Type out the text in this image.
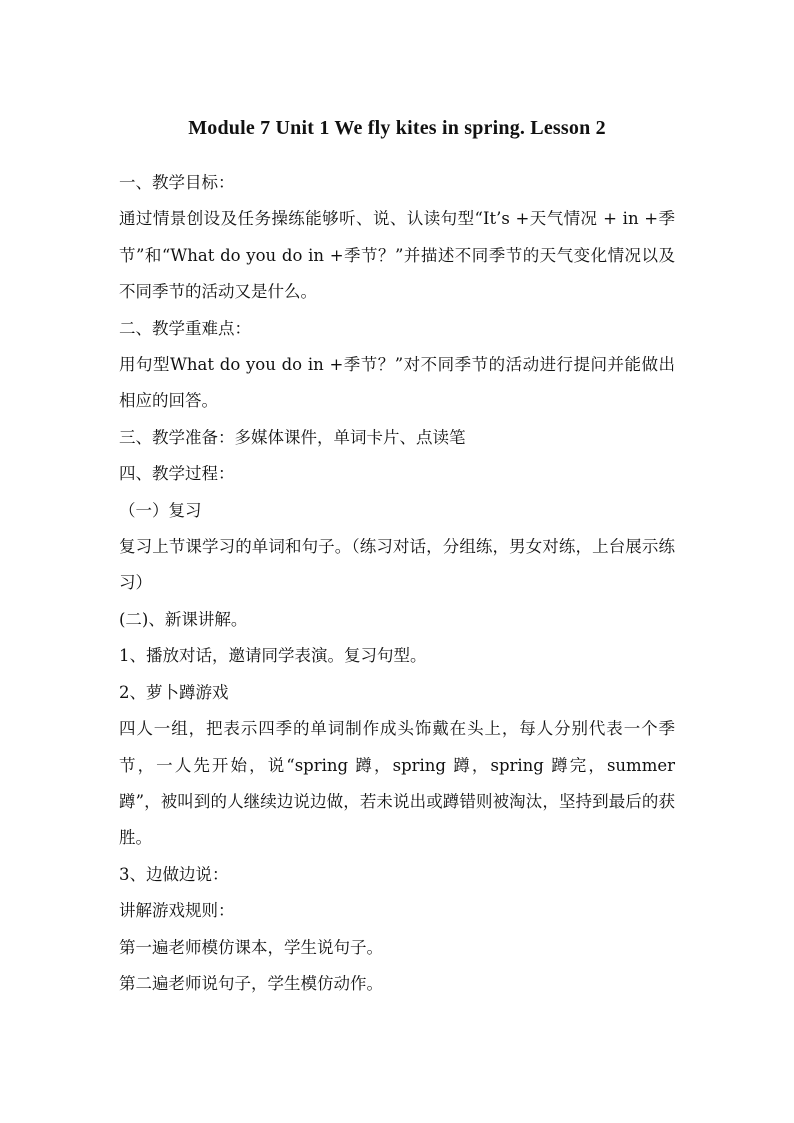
Module 7 Unit 1 We fly kites in spring. Lesson 2

一、教学目标：

通过情景创设及任务操练能够听、说、认读句型“It’s +天气情况 + in +季节”和“What do you do in +季节？”并描述不同季节的天气变化情况以及不同季节的活动又是什么。

二、教学重难点：

用句型What do you do in +季节？”对不同季节的活动进行提问并能做出相应的回答。

三、教学准备：多媒体课件，单词卡片、点读笔

四、教学过程：

（一）复习

复习上节课学习的单词和句子。（练习对话，分组练，男女对练，上台展示练习）

(二)、新课讲解。

1、播放对话，邀请同学表演。复习句型。

2、萝卜蹲游戏

四人一组，把表示四季的单词制作成头饰戴在头上，每人分别代表一个季节，一人先开始，说“spring 蹲，spring 蹲，spring 蹲完，summer 蹲”，被叫到的人继续边说边做，若未说出或蹲错则被淘汰，坚持到最后的获胜。

3、边做边说：

讲解游戏规则：

第一遍老师模仿课本，学生说句子。

第二遍老师说句子，学生模仿动作。
